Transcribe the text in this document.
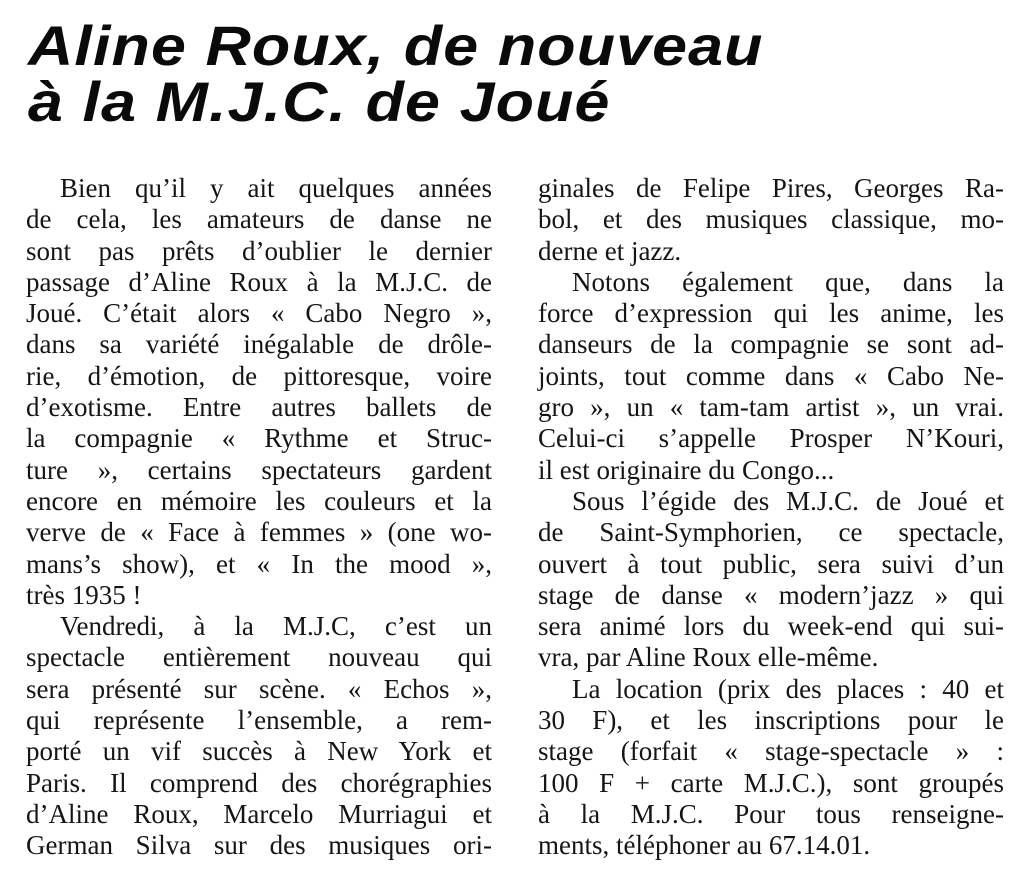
Aline Roux, de nouveau
à la M.J.C. de Joué
Bien qu’il y ait quelques années
de cela, les amateurs de danse ne
sont pas prêts d’oublier le dernier
passage d’Aline Roux à la M.J.C. de
Joué. C’était alors « Cabo Negro »,
dans sa variété inégalable de drôle-
rie, d’émotion, de pittoresque, voire
d’exotisme. Entre autres ballets de
la compagnie « Rythme et Struc-
ture », certains spectateurs gardent
encore en mémoire les couleurs et la
verve de « Face à femmes » (one wo-
mans’s show), et « In the mood »,
très 1935 !
Vendredi, à la M.J.C, c’est un
spectacle entièrement nouveau qui
sera présenté sur scène. « Echos »,
qui représente l’ensemble, a rem-
porté un vif succès à New York et
Paris. Il comprend des chorégraphies
d’Aline Roux, Marcelo Murriagui et
German Silva sur des musiques ori-
ginales de Felipe Pires, Georges Ra-
bol, et des musiques classique, mo-
derne et jazz.
Notons également que, dans la
force d’expression qui les anime, les
danseurs de la compagnie se sont ad-
joints, tout comme dans « Cabo Ne-
gro », un « tam-tam artist », un vrai.
Celui-ci s’appelle Prosper N’Kouri,
il est originaire du Congo...
Sous l’égide des M.J.C. de Joué et
de Saint-Symphorien, ce spectacle,
ouvert à tout public, sera suivi d’un
stage de danse « modern’jazz » qui
sera animé lors du week-end qui sui-
vra, par Aline Roux elle-même.
La location (prix des places : 40 et
30 F), et les inscriptions pour le
stage (forfait « stage-spectacle » :
100 F + carte M.J.C.), sont groupés
à la M.J.C. Pour tous renseigne-
ments, téléphoner au 67.14.01.
